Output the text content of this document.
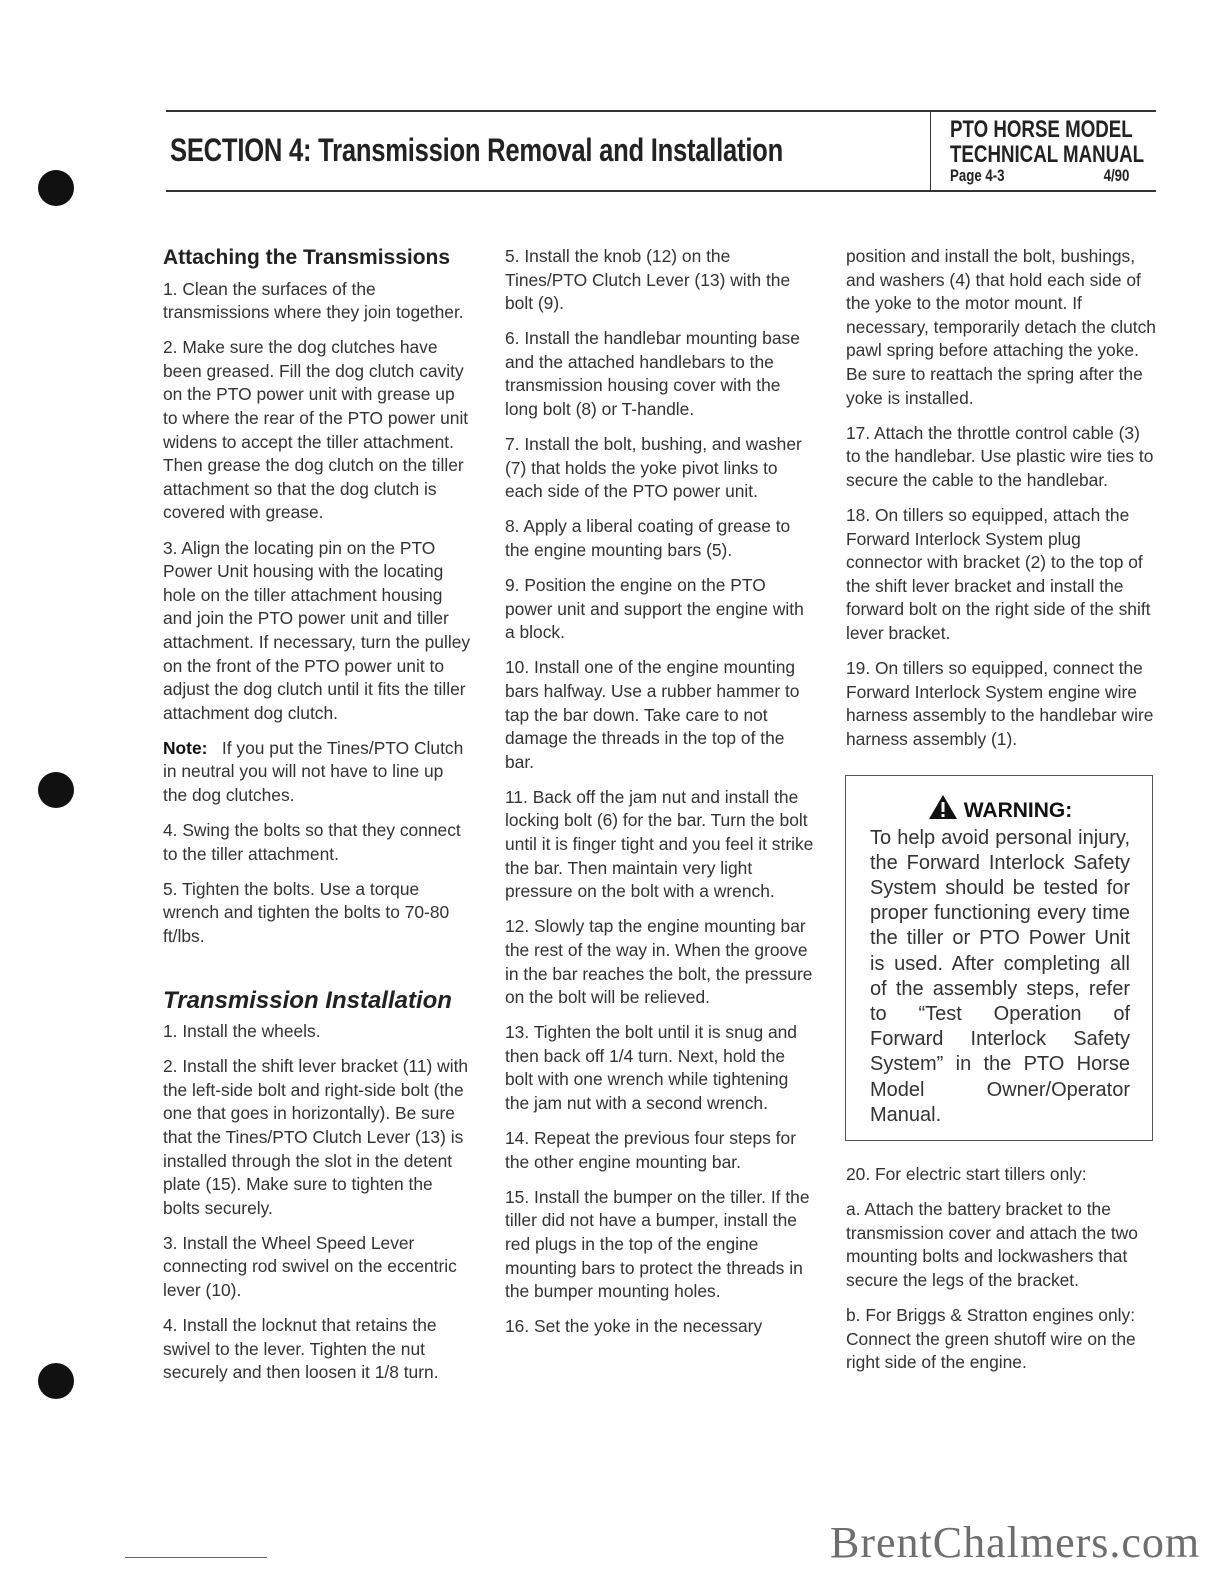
SECTION 4: Transmission Removal and Installation
PTO HORSE MODEL
TECHNICAL MANUAL
Page 4-3	4/90
Attaching the Transmissions

1. Clean the surfaces of the transmissions where they join together.

2. Make sure the dog clutches have been greased. Fill the dog clutch cavity on the PTO power unit with grease up to where the rear of the PTO power unit widens to accept the tiller attachment. Then grease the dog clutch on the tiller attachment so that the dog clutch is covered with grease.

3. Align the locating pin on the PTO Power Unit housing with the locating hole on the tiller attachment housing and join the PTO power unit and tiller attachment. If necessary, turn the pulley on the front of the PTO power unit to adjust the dog clutch until it fits the tiller attachment dog clutch.

Note:   If you put the Tines/PTO Clutch in neutral you will not have to line up the dog clutches.

4. Swing the bolts so that they connect to the tiller attachment.

5. Tighten the bolts. Use a torque wrench and tighten the bolts to 70-80 ft/lbs.

Transmission Installation

1. Install the wheels.

2. Install the shift lever bracket (11) with the left-side bolt and right-side bolt (the one that goes in horizontally). Be sure that the Tines/PTO Clutch Lever (13) is installed through the slot in the detent plate (15). Make sure to tighten the bolts securely.

3. Install the Wheel Speed Lever connecting rod swivel on the eccentric lever (10).

4. Install the locknut that retains the swivel to the lever. Tighten the nut securely and then loosen it 1/8 turn.

5. Install the knob (12) on the Tines/PTO Clutch Lever (13) with the bolt (9).

6. Install the handlebar mounting base and the attached handlebars to the transmission housing cover with the long bolt (8) or T-handle.

7. Install the bolt, bushing, and washer (7) that holds the yoke pivot links to each side of the PTO power unit.

8. Apply a liberal coating of grease to the engine mounting bars (5).

9. Position the engine on the PTO power unit and support the engine with a block.

10. Install one of the engine mounting bars halfway. Use a rubber hammer to tap the bar down. Take care to not damage the threads in the top of the bar.

11. Back off the jam nut and install the locking bolt (6) for the bar. Turn the bolt until it is finger tight and you feel it strike the bar. Then maintain very light pressure on the bolt with a wrench.

12. Slowly tap the engine mounting bar the rest of the way in. When the groove in the bar reaches the bolt, the pressure on the bolt will be relieved.

13. Tighten the bolt until it is snug and then back off 1/4 turn. Next, hold the bolt with one wrench while tightening the jam nut with a second wrench.

14. Repeat the previous four steps for the other engine mounting bar.

15. Install the bumper on the tiller. If the tiller did not have a bumper, install the red plugs in the top of the engine mounting bars to protect the threads in the bumper mounting holes.

16. Set the yoke in the necessary

position and install the bolt, bushings, and washers (4) that hold each side of the yoke to the motor mount. If necessary, temporarily detach the clutch pawl spring before attaching the yoke. Be sure to reattach the spring after the yoke is installed.

17. Attach the throttle control cable (3) to the handlebar. Use plastic wire ties to secure the cable to the handlebar.

18. On tillers so equipped, attach the Forward Interlock System plug connector with bracket (2) to the top of the shift lever bracket and install the forward bolt on the right side of the shift lever bracket.

19. On tillers so equipped, connect the Forward Interlock System engine wire harness assembly to the handlebar wire harness assembly (1).

WARNING:
To help avoid personal injury, the Forward Interlock Safety System should be tested for proper functioning every time the tiller or PTO Power Unit is used. After completing all of the assembly steps, refer to “Test Operation of Forward Interlock Safety System” in the PTO Horse Model Owner/Operator Manual.

20. For electric start tillers only:

a. Attach the battery bracket to the transmission cover and attach the two mounting bolts and lockwashers that secure the legs of the bracket.

b. For Briggs & Stratton engines only: Connect the green shutoff wire on the right side of the engine.

BrentChalmers.com
